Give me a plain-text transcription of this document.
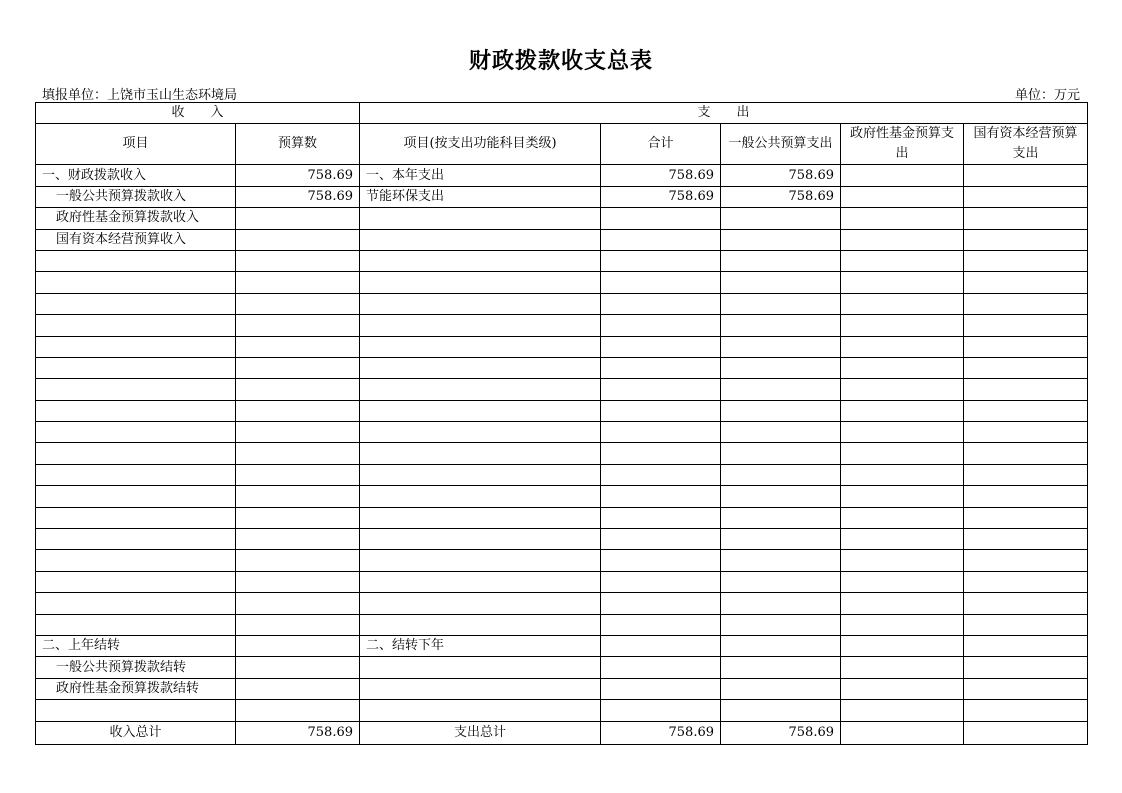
财政拨款收支总表
填报单位：上饶市玉山生态环境局	单位：万元
收　　入		支　　出				
项目	预算数	项目(按支出功能科目类级)	合计	一般公共预算支出	政府性基金预算支出	国有资本经营预算支出
一、财政拨款收入	758.69	一、本年支出	758.69	758.69		
一般公共预算拨款收入	758.69	节能环保支出	758.69	758.69		
政府性基金预算拨款收入						
国有资本经营预算收入						

二、上年结转		二、结转下年				
一般公共预算拨款结转						
政府性基金预算拨款结转						

收入总计	758.69	支出总计	758.69	758.69		
